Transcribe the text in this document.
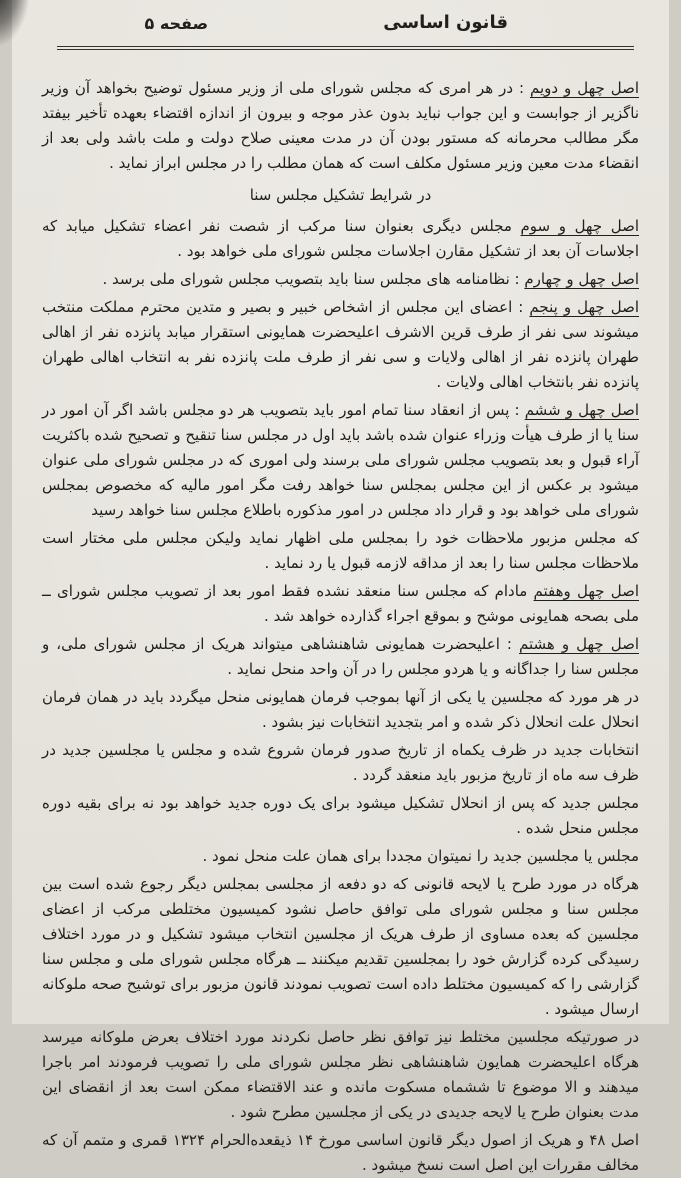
قانون اساسی
صفحه ۵

اصل چهل و دویم : در هر امری که مجلس شورای ملی از وزیر مسئول توضیح بخواهد آن وزیر ناگزیر از جوابست و این جواب نباید بدون عذر موجه و بیرون از اندازه اقتضاء بعهده تأخیر بیفتد مگر مطالب محرمانه که مستور بودن آن در مدت معینی صلاح دولت و ملت باشد ولی بعد از انقضاء مدت معین وزیر مسئول مکلف است که همان مطلب را در مجلس ابراز نماید .

در شرایط تشکیل مجلس سنا

اصل چهل و سوم مجلس دیگری بعنوان سنا مرکب از شصت نفر اعضاء تشکیل میابد که اجلاسات آن بعد از تشکیل مقارن اجلاسات مجلس شورای ملی خواهد بود .

اصل چهل و چهارم : نظامنامه های مجلس سنا باید بتصویب مجلس شورای ملی برسد .

اصل چهل و پنجم : اعضای این مجلس از اشخاص خبیر و بصیر و متدین محترم مملکت منتخب میشوند سی نفر از طرف قرین الاشرف اعلیحضرت همایونی استقرار میابد پانزده نفر از اهالی طهران پانزده نفر از اهالی ولایات و سی نفر از طرف ملت پانزده نفر به انتخاب اهالی طهران پانزده نفر بانتخاب اهالی ولایات .

اصل چهل و ششم : پس از انعقاد سنا تمام امور باید بتصویب هر دو مجلس باشد اگر آن امور در سنا یا از طرف هیأت وزراء عنوان شده باشد باید اول در مجلس سنا تنقیح و تصحیح شده باکثریت آراء قبول و بعد بتصویب مجلس شورای ملی برسند ولی اموری که در مجلس شورای ملی عنوان میشود بر عکس از این مجلس بمجلس سنا خواهد رفت مگر امور مالیه که مخصوص بمجلس شورای ملی خواهد بود و قرار داد مجلس در امور مذکوره باطلاع مجلس سنا خواهد رسید

که مجلس مزبور ملاحظات خود را بمجلس ملی اظهار نماید ولیکن مجلس ملی مختار است ملاحظات مجلس سنا را بعد از مداقه لازمه قبول یا رد نماید .

اصل چهل وهفتم مادام که مجلس سنا منعقد نشده فقط امور بعد از تصویب مجلس شورای ــ ملی بصحه همایونی موشح و بموقع اجراء گذارده خواهد شد .

اصل چهل و هشتم : اعلیحضرت همایونی شاهنشاهی میتواند هریک از مجلس شورای ملی، و مجلس سنا را جداگانه و یا هردو مجلس را در آن واحد منحل نماید .

در هر مورد که مجلسین یا یکی از آنها بموجب فرمان همایونی منحل میگردد باید در همان فرمان انحلال علت انحلال ذکر شده و امر بتجدید انتخابات نیز بشود .

انتخابات جدید در ظرف یکماه از تاریخ صدور فرمان شروع شده و مجلس یا مجلسین جدید در ظرف سه ماه از تاریخ مزبور باید منعقد گردد .

مجلس جدید که پس از انحلال تشکیل میشود برای یک دوره جدید خواهد بود نه برای بقیه دوره مجلس منحل شده .

مجلس یا مجلسین جدید را نمیتوان مجددا برای همان علت منحل نمود .

هرگاه در مورد طرح یا لایحه قانونی که دو دفعه از مجلسی بمجلس دیگر رجوع شده است بین مجلس سنا و مجلس شورای ملی توافق حاصل نشود کمیسیون مختلطی مرکب از اعضای مجلسین که بعده مساوی از طرف هریک از مجلسین انتخاب میشود تشکیل و در مورد اختلاف رسیدگی کرده گزارش خود را بمجلسین تقدیم میکنند ــ هرگاه مجلس شورای ملی و مجلس سنا گزارشی را که کمیسیون مختلط داده است تصویب نمودند قانون مزبور برای توشیح صحه ملوکانه ارسال میشود .

در صورتیکه مجلسین مختلط نیز توافق نظر حاصل نکردند مورد اختلاف بعرض ملوکانه میرسد هرگاه اعلیحضرت همایون شاهنشاهی نظر مجلس شورای ملی را تصویب فرمودند امر باجرا میدهند و الا موضوع تا ششماه مسکوت مانده و عند الاقتضاء ممکن است بعد از انقضای این مدت بعنوان طرح یا لایحه جدیدی در یکی از مجلسین مطرح شود .

اصل ۴۸ و هریک از اصول دیگر قانون اساسی مورخ ۱۴ ذیقعده‌الحرام ۱۳۲۴ قمری و متمم آن که مخالف مقررات این اصل است نسخ میشود .
